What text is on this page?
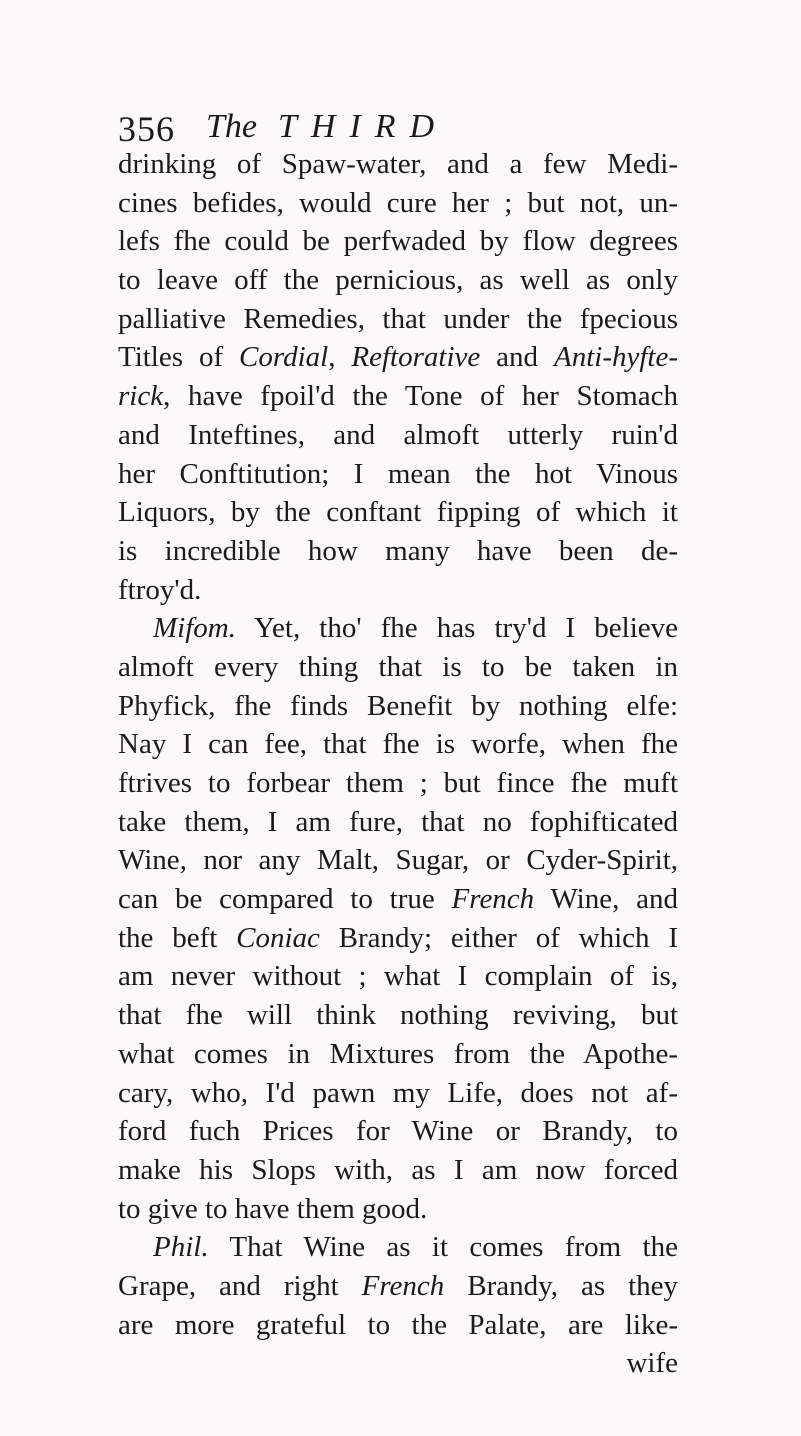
356 The THIRD
drinking of Spaw-water, and a few Medi-
cines befides, would cure her ; but not, un-
lefs fhe could be perfwaded by flow degrees
to leave off the pernicious, as well as only
palliative Remedies, that under the fpecious
Titles of Cordial, Reftorative and Anti-hyfte-
rick, have fpoil'd the Tone of her Stomach
and Inteftines, and almoft utterly ruin'd
her Conftitution; I mean the hot Vinous
Liquors, by the conftant fipping of which it
is incredible how many have been de-
ftroy'd.
Mifom. Yet, tho' fhe has try'd I believe
almoft every thing that is to be taken in
Phyfick, fhe finds Benefit by nothing elfe:
Nay I can fee, that fhe is worfe, when fhe
ftrives to forbear them ; but fince fhe muft
take them, I am fure, that no fophifticated
Wine, nor any Malt, Sugar, or Cyder-Spirit,
can be compared to true French Wine, and
the beft Coniac Brandy; either of which I
am never without ; what I complain of is,
that fhe will think nothing reviving, but
what comes in Mixtures from the Apothe-
cary, who, I'd pawn my Life, does not af-
ford fuch Prices for Wine or Brandy, to
make his Slops with, as I am now forced
to give to have them good.
Phil. That Wine as it comes from the
Grape, and right French Brandy, as they
are more grateful to the Palate, are like-
wife
